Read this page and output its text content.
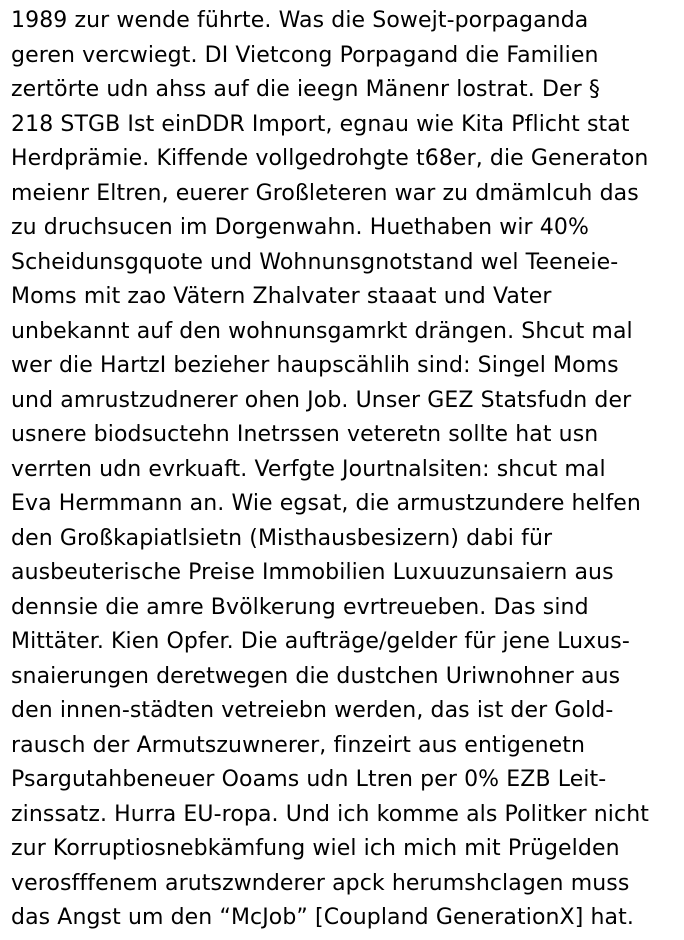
1989 zur wende führte. Was die Sowejt-porpaganda
geren vercwiegt. DI Vietcong Porpagand die Familien
zertörte udn ahss auf die ieegn Mänenr lostrat. Der §
218 STGB Ist einDDR Import, egnau wie Kita Pflicht stat
Herdprämie. Kiffende vollgedrohgte t68er, die Generaton
meienr Eltren, euerer Großleteren war zu dmämlcuh das
zu druchsucen im Dorgenwahn. Huethaben wir 40%
Scheidunsgquote und Wohnunsgnotstand wel Teeneie-
Moms mit zao Vätern Zhalvater staaat und Vater
unbekannt auf den wohnunsgamrkt drängen. Shcut mal
wer die HartzI bezieher haupscählih sind: Singel Moms
und amrustzudnerer ohen Job. Unser GEZ Statsfudn der
usnere biodsuctehn Inetrssen veteretn sollte hat usn
verrten udn evrkuaft. Verfgte Jourtnalsiten: shcut mal
Eva Hermmann an. Wie egsat, die armustzundere helfen
den Großkapiatlsietn (Misthausbesizern) dabi für
ausbeuterische Preise Immobilien Luxuuzunsaiern aus
dennsie die amre Bvölkerung evrtreueben. Das sind
Mittäter. Kien Opfer. Die aufträge/gelder für jene Luxus-
snaierungen deretwegen die dustchen Uriwnohner aus
den innen-städten vetreiebn werden, das ist der Gold-
rausch der Armutszuwnerer, finzeirt aus entigenetn
Psargutahbeneuer Ooams udn Ltren per 0% EZB Leit-
zinssatz. Hurra EU-ropa. Und ich komme als Politker nicht
zur Korruptiosnebkämfung wiel ich mich mit Prügelden
verosfffenem arutszwnderer apck herumshclagen muss
das Angst um den “McJob” [Coupland GenerationX] hat.
